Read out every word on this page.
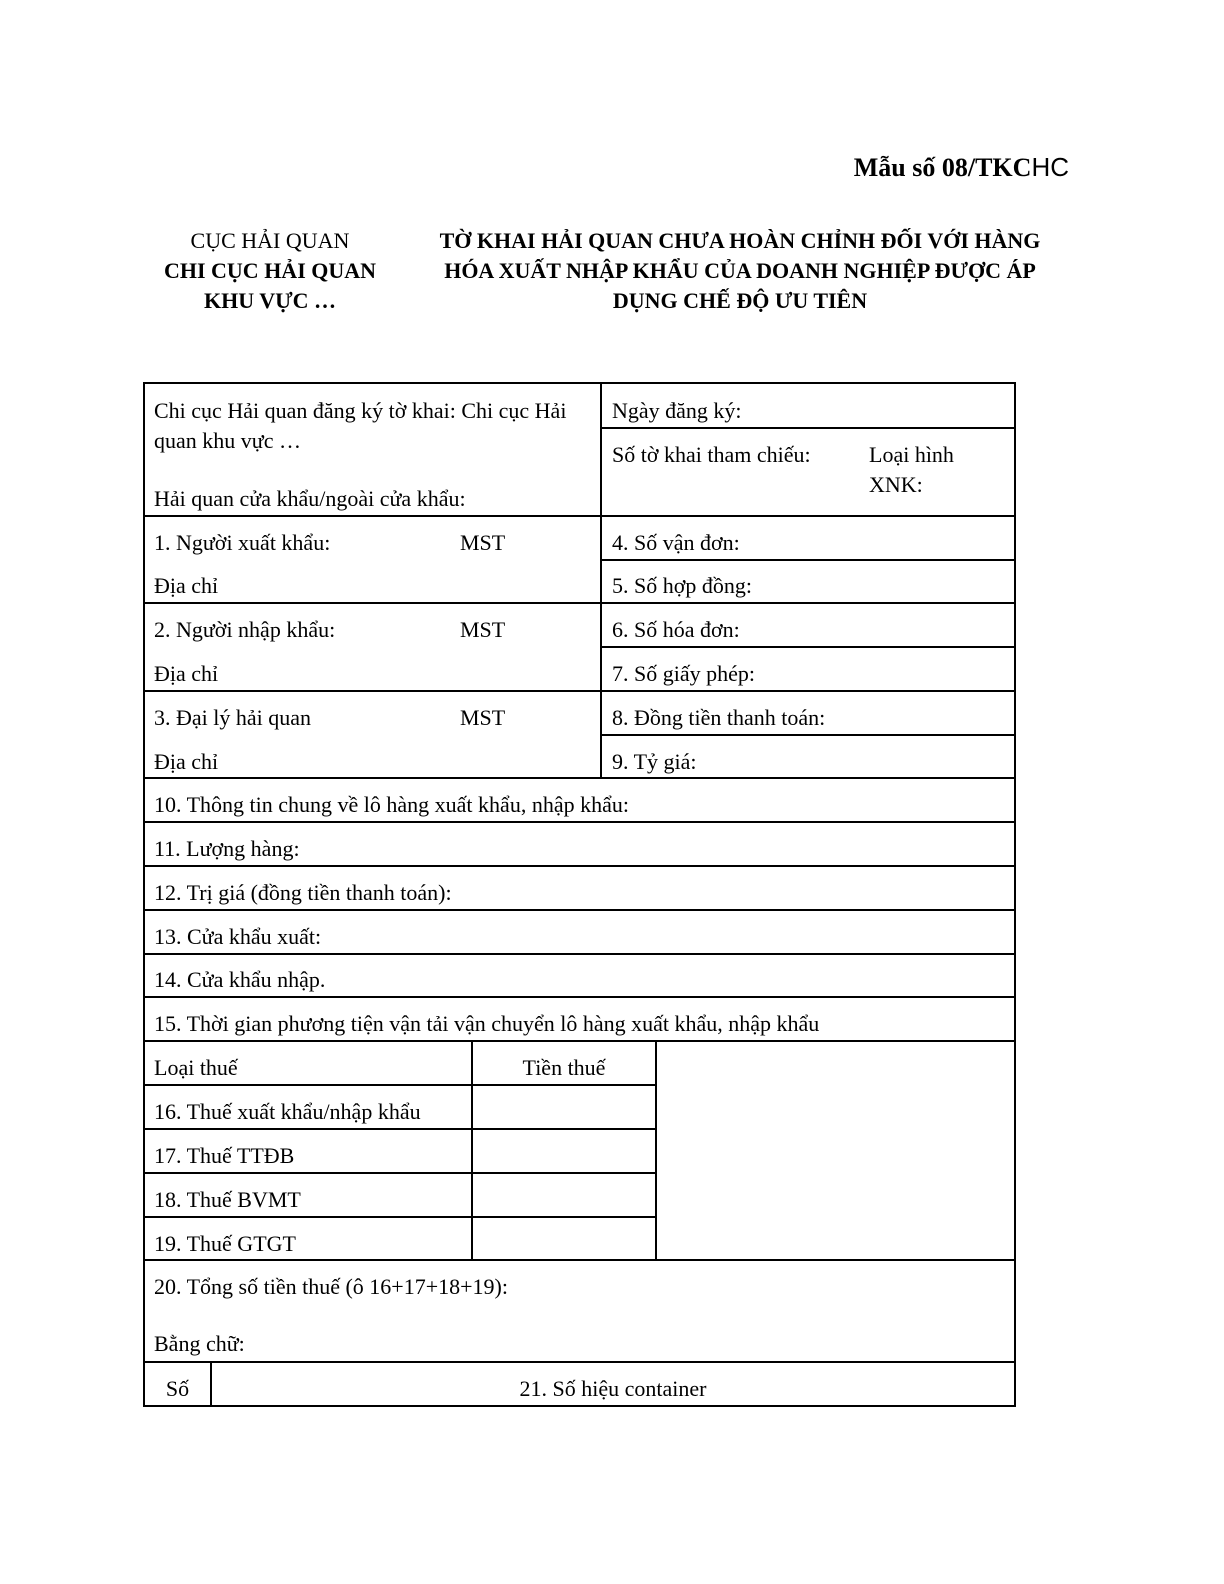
Mẫu số 08/TKCHC
CỤC HẢI QUAN
CHI CỤC HẢI QUAN
KHU VỰC …
TỜ KHAI HẢI QUAN CHƯA HOÀN CHỈNH ĐỐI VỚI HÀNG
HÓA XUẤT NHẬP KHẨU CỦA DOANH NGHIỆP ĐƯỢC ÁP
DỤNG CHẾ ĐỘ ƯU TIÊN
Chi cục Hải quan đăng ký tờ khai: Chi cục Hải quan khu vực …
Hải quan cửa khẩu/ngoài cửa khẩu:
Ngày đăng ký:
Số tờ khai tham chiếu:	Loại hình XNK:
1. Người xuất khẩu:	MST
Địa chỉ
2. Người nhập khẩu:	MST
Địa chỉ
3. Đại lý hải quan	MST
Địa chỉ
4. Số vận đơn:
5. Số hợp đồng:
6. Số hóa đơn:
7. Số giấy phép:
8. Đồng tiền thanh toán:
9. Tỷ giá:
10. Thông tin chung về lô hàng xuất khẩu, nhập khẩu:
11. Lượng hàng:
12. Trị giá (đồng tiền thanh toán):
13. Cửa khẩu xuất:
14. Cửa khẩu nhập.
15. Thời gian phương tiện vận tải vận chuyển lô hàng xuất khẩu, nhập khẩu
Loại thuế	Tiền thuế
16. Thuế xuất khẩu/nhập khẩu
17. Thuế TTĐB
18. Thuế BVMT
19. Thuế GTGT
20. Tổng số tiền thuế (ô 16+17+18+19):
Bằng chữ:
Số	21. Số hiệu container
